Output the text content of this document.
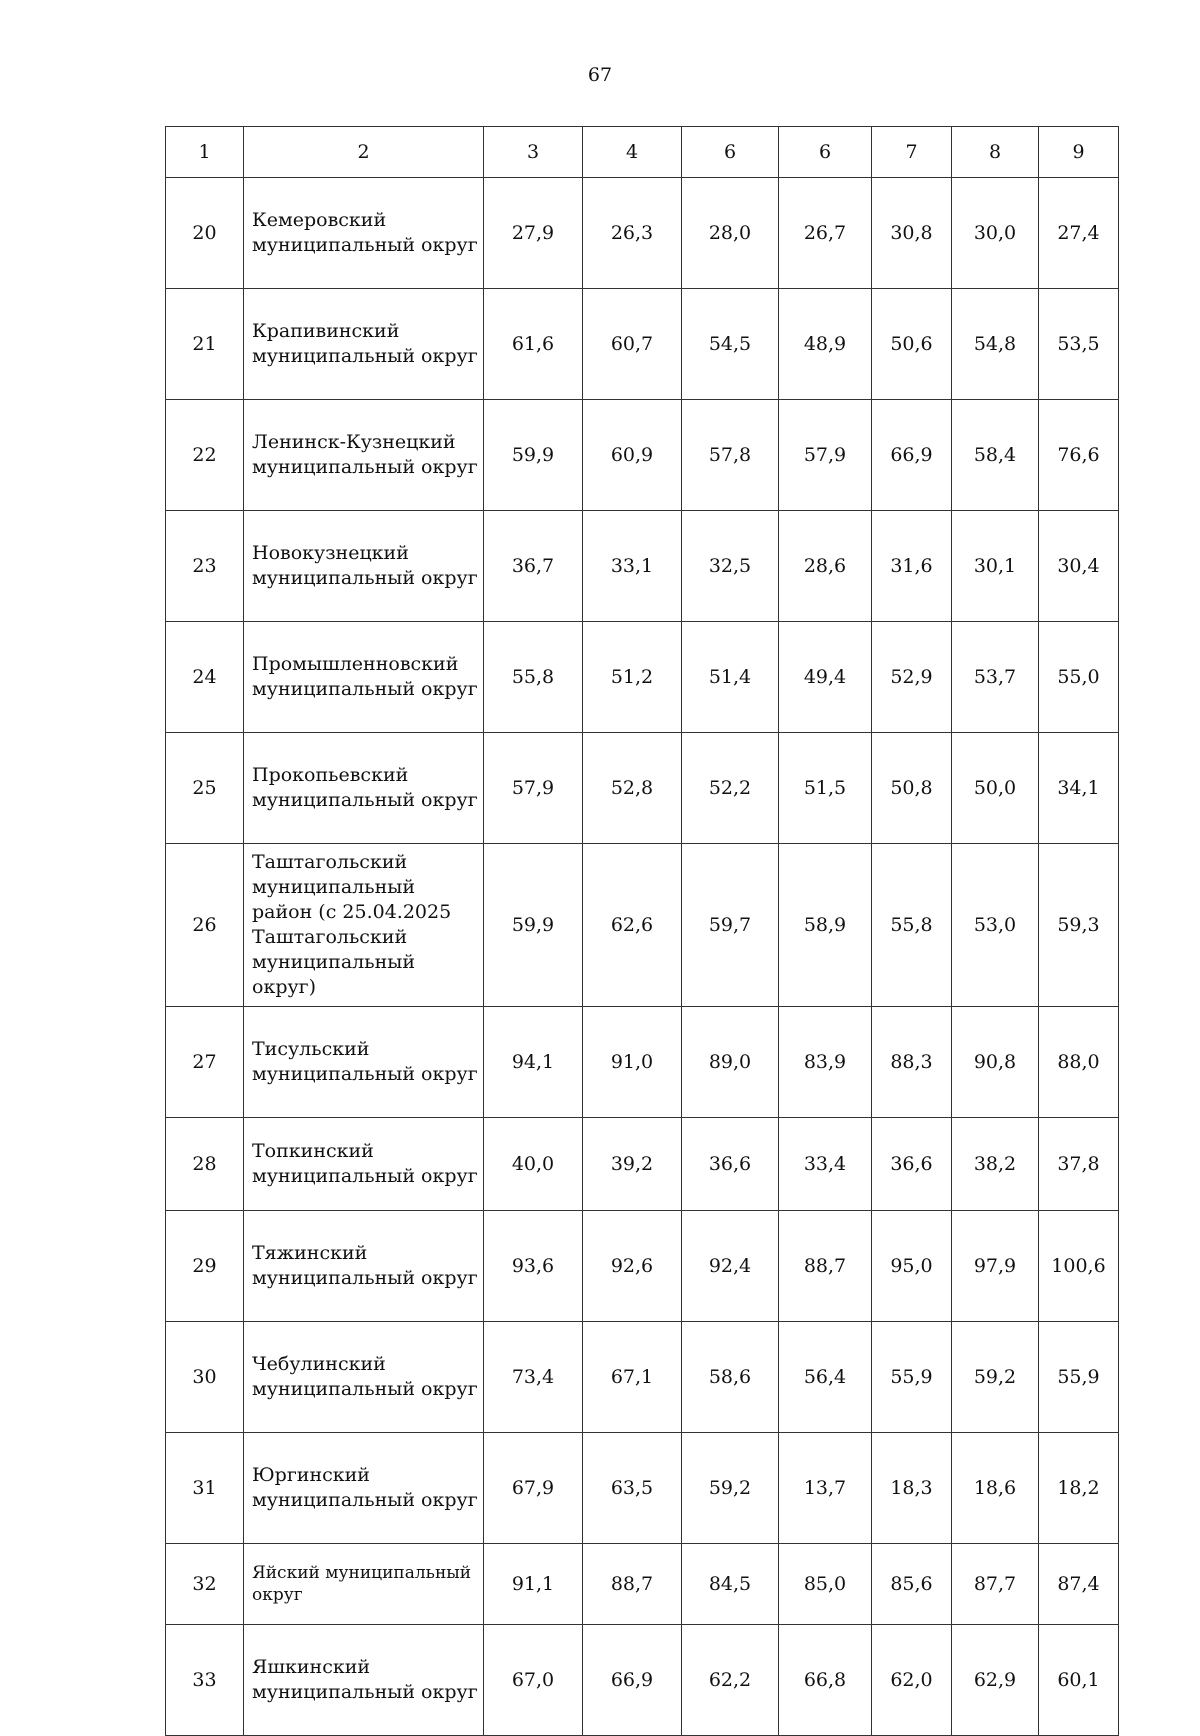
67
1	2	3	4	6	6	7	8	9
20	Кемеровский муниципальный округ	27,9	26,3	28,0	26,7	30,8	30,0	27,4
21	Крапивинский муниципальный округ	61,6	60,7	54,5	48,9	50,6	54,8	53,5
22	Ленинск-Кузнецкий муниципальный округ	59,9	60,9	57,8	57,9	66,9	58,4	76,6
23	Новокузнецкий муниципальный округ	36,7	33,1	32,5	28,6	31,6	30,1	30,4
24	Промышленновский муниципальный округ	55,8	51,2	51,4	49,4	52,9	53,7	55,0
25	Прокопьевский муниципальный округ	57,9	52,8	52,2	51,5	50,8	50,0	34,1
26	Таштагольский муниципальный район (с 25.04.2025 Таштагольский муниципальный округ)	59,9	62,6	59,7	58,9	55,8	53,0	59,3
27	Тисульский муниципальный округ	94,1	91,0	89,0	83,9	88,3	90,8	88,0
28	Топкинский муниципальный округ	40,0	39,2	36,6	33,4	36,6	38,2	37,8
29	Тяжинский муниципальный округ	93,6	92,6	92,4	88,7	95,0	97,9	100,6
30	Чебулинский муниципальный округ	73,4	67,1	58,6	56,4	55,9	59,2	55,9
31	Юргинский муниципальный округ	67,9	63,5	59,2	13,7	18,3	18,6	18,2
32	Яйский муниципальный округ	91,1	88,7	84,5	85,0	85,6	87,7	87,4
33	Яшкинский муниципальный округ	67,0	66,9	62,2	66,8	62,0	62,9	60,1
